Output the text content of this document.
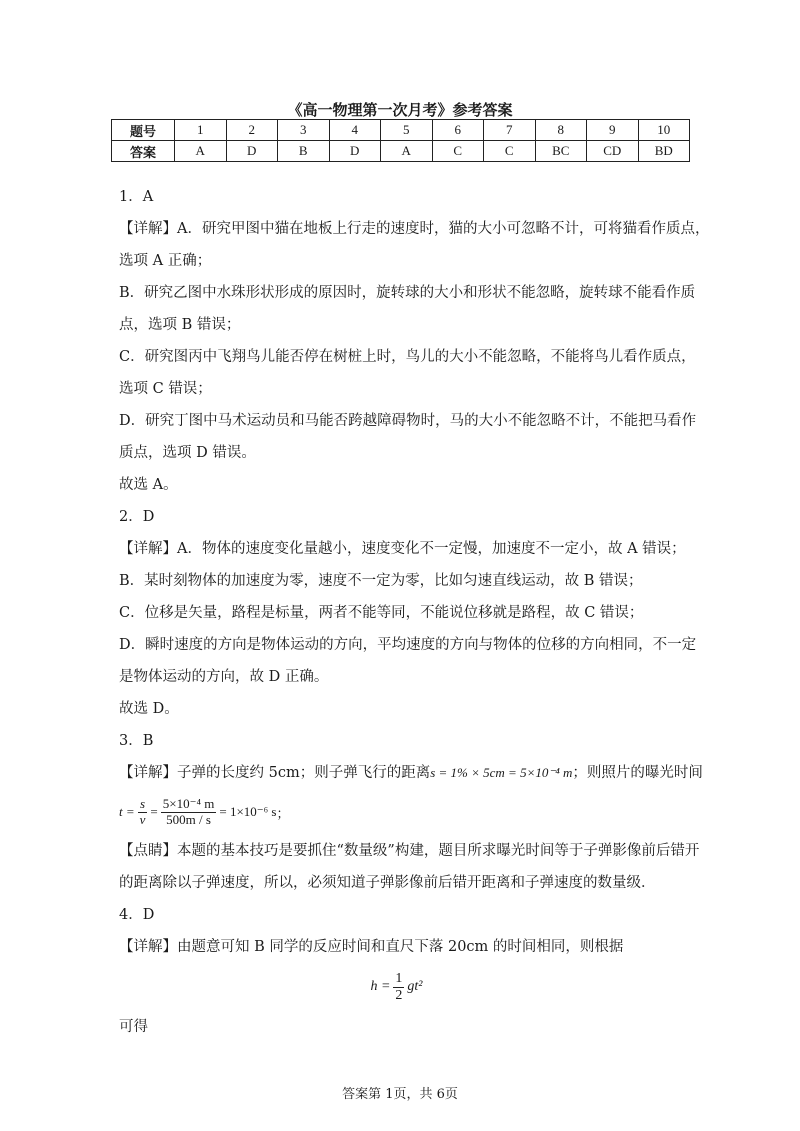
《高一物理第一次月考》参考答案
题号	1	2	3	4	5	6	7	8	9	10
答案	A	D	B	D	A	C	C	BC	CD	BD
1．A
【详解】A．研究甲图中猫在地板上行走的速度时，猫的大小可忽略不计，可将猫看作质点，
选项 A 正确；
B．研究乙图中水珠形状形成的原因时，旋转球的大小和形状不能忽略，旋转球不能看作质
点，选项 B 错误；
C．研究图丙中飞翔鸟儿能否停在树桩上时，鸟儿的大小不能忽略，不能将鸟儿看作质点，
选项 C 错误；
D．研究丁图中马术运动员和马能否跨越障碍物时，马的大小不能忽略不计，不能把马看作
质点，选项 D 错误。
故选 A。
2．D
【详解】A．物体的速度变化量越小，速度变化不一定慢，加速度不一定小，故 A 错误；
B．某时刻物体的加速度为零，速度不一定为零，比如匀速直线运动，故 B 错误；
C．位移是矢量，路程是标量，两者不能等同，不能说位移就是路程，故 C 错误；
D．瞬时速度的方向是物体运动的方向，平均速度的方向与物体的位移的方向相同，不一定
是物体运动的方向，故 D 正确。
故选 D。
3．B
【详解】子弹的长度约 5cm；则子弹飞行的距离s = 1% × 5cm = 5×10⁻⁴ m；则照片的曝光时间
$t = \frac{s}{v} = \frac{\text{5×10⁻⁴ m}}{500m / s} = 1\times 10^{-6}$ s ；
【点睛】本题的基本技巧是要抓住“数量级”构建，题目所求曝光时间等于子弹影像前后错开
的距离除以子弹速度，所以，必须知道子弹影像前后错开距离和子弹速度的数量级．
4．D
【详解】由题意可知 B 同学的反应时间和直尺下落 20cm 的时间相同，则根据
$h = \frac{1}{2} gt^2$
可得
答案第 1页，共 6页
